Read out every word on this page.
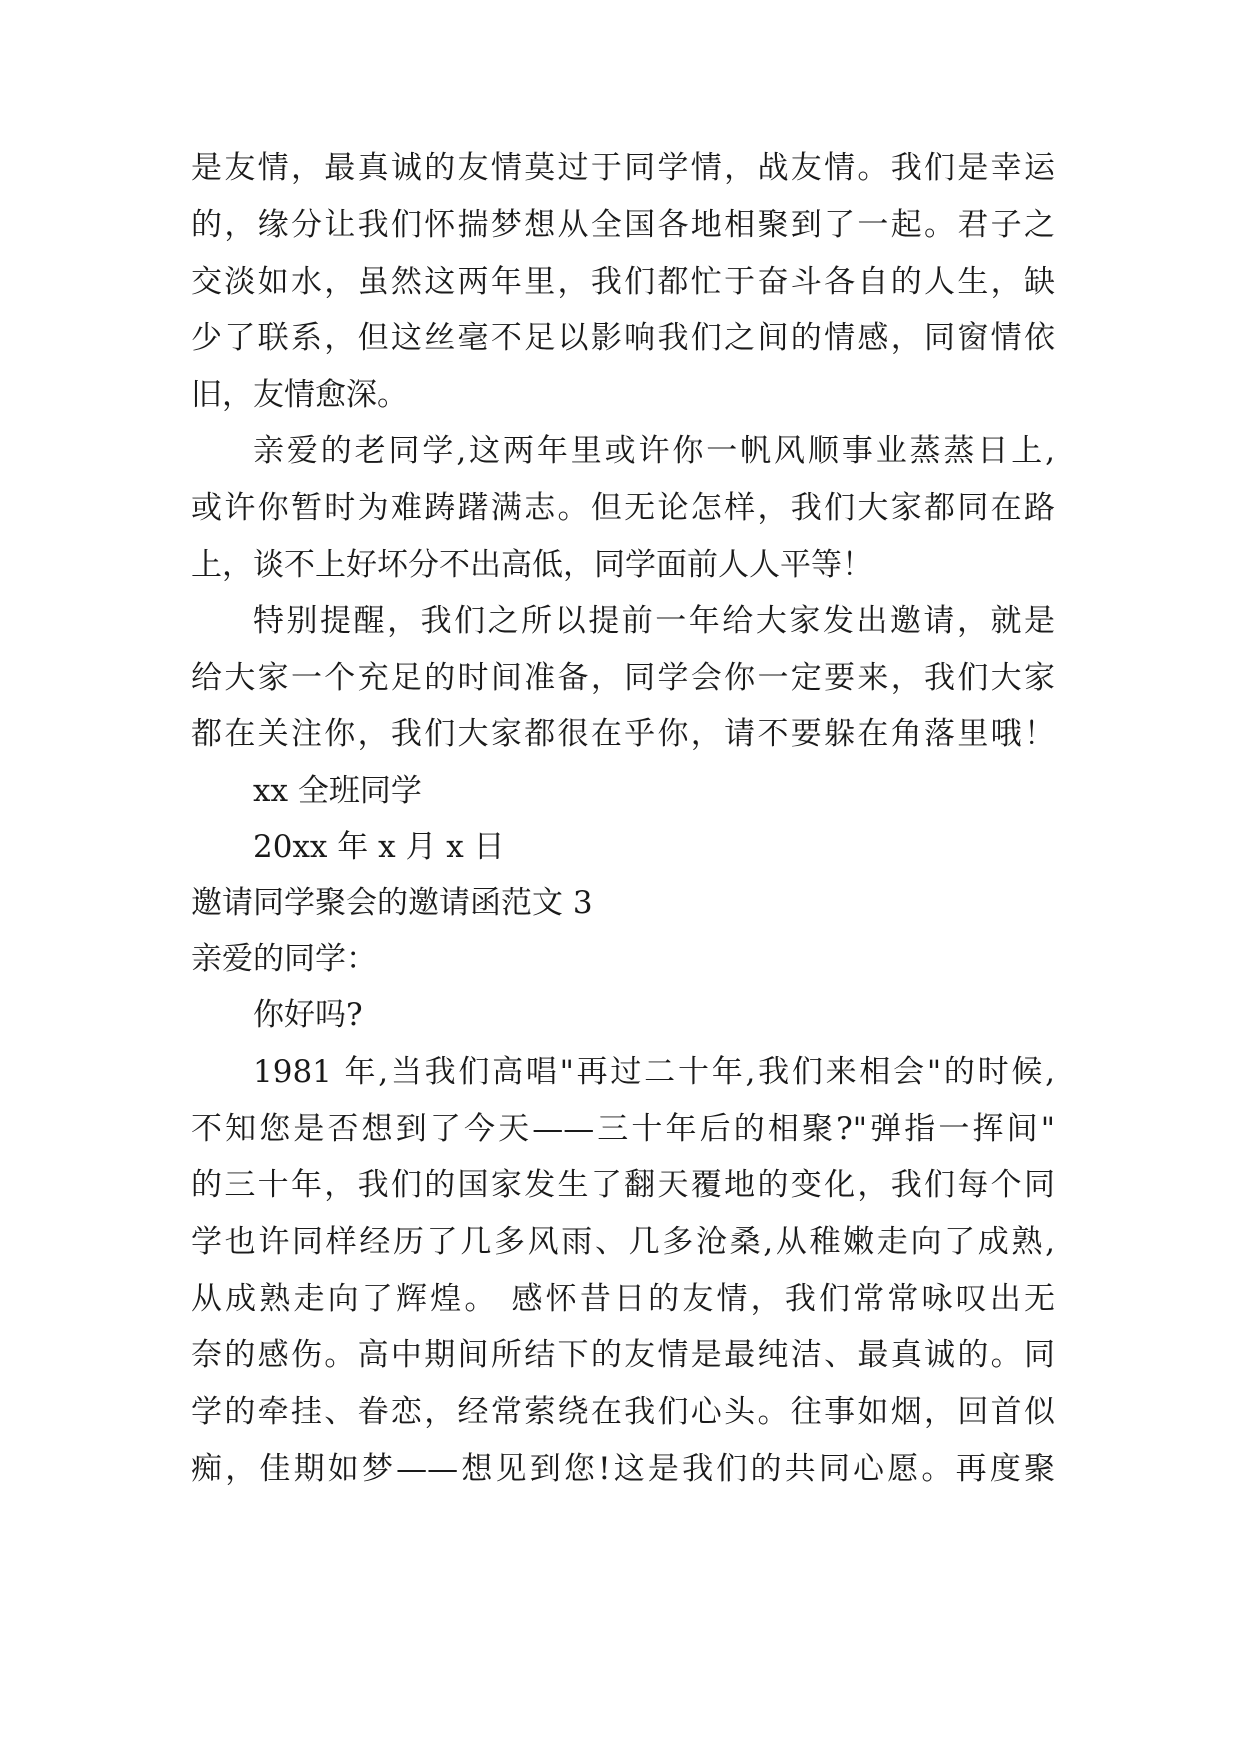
是友情，最真诚的友情莫过于同学情，战友情。我们是幸运

的，缘分让我们怀揣梦想从全国各地相聚到了一起。君子之

交淡如水，虽然这两年里，我们都忙于奋斗各自的人生，缺

少了联系，但这丝毫不足以影响我们之间的情感，同窗情依

旧，友情愈深。

亲爱的老同学,这两年里或许你一帆风顺事业蒸蒸日上,

或许你暂时为难踌躇满志。但无论怎样，我们大家都同在路

上，谈不上好坏分不出高低，同学面前人人平等！

特别提醒，我们之所以提前一年给大家发出邀请，就是

给大家一个充足的时间准备，同学会你一定要来，我们大家

都在关注你，我们大家都很在乎你，请不要躲在角落里哦！

xx 全班同学

20xx 年 x 月 x 日

邀请同学聚会的邀请函范文 3

亲爱的同学：

你好吗?

1981 年,当我们高唱"再过二十年,我们来相会"的时候,

不知您是否想到了今天——三十年后的相聚?"弹指一挥间"

的三十年，我们的国家发生了翻天覆地的变化，我们每个同

学也许同样经历了几多风雨、几多沧桑,从稚嫩走向了成熟,

从成熟走向了辉煌。 感怀昔日的友情，我们常常咏叹出无

奈的感伤。高中期间所结下的友情是最纯洁、最真诚的。同

学的牵挂、眷恋，经常萦绕在我们心头。往事如烟，回首似

痴，佳期如梦——想见到您!这是我们的共同心愿。再度聚
